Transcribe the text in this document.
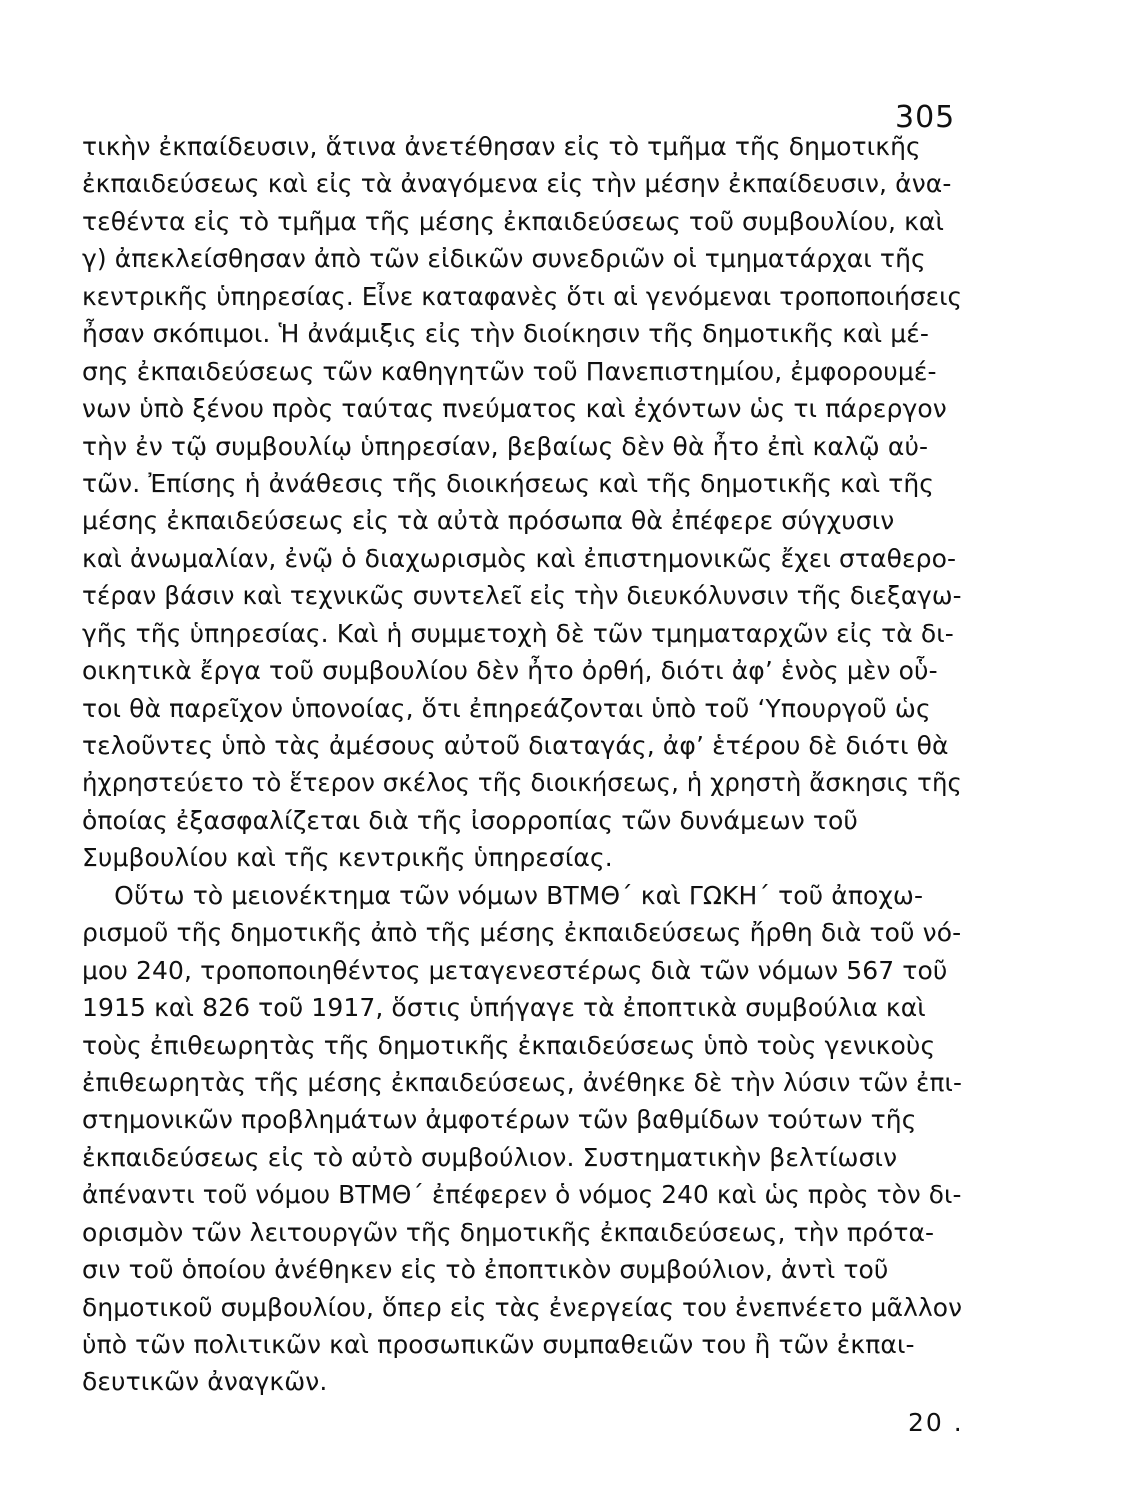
305
τικὴν ἐκπαίδευσιν, ἅτινα ἀνετέθησαν εἰς τὸ τμῆμα τῆς δημοτικῆς
ἐκπαιδεύσεως καὶ εἰς τὰ ἀναγόμενα εἰς τὴν μέσην ἐκπαίδευσιν, ἀνα-
τεθέντα εἰς τὸ τμῆμα τῆς μέσης ἐκπαιδεύσεως τοῦ συμβουλίου, καὶ
γ) ἀπεκλείσθησαν ἀπὸ τῶν εἰδικῶν συνεδριῶν οἱ τμηματάρχαι τῆς
κεντρικῆς ὑπηρεσίας. Εἶνε καταφανὲς ὅτι αἱ γενόμεναι τροποποιήσεις
ἦσαν σκόπιμοι. Ἡ ἀνάμιξις εἰς τὴν διοίκησιν τῆς δημοτικῆς καὶ μέ-
σης ἐκπαιδεύσεως τῶν καθηγητῶν τοῦ Πανεπιστημίου, ἐμφορουμέ-
νων ὑπὸ ξένου πρὸς ταύτας πνεύματος καὶ ἐχόντων ὡς τι πάρεργον
τὴν ἐν τῷ συμβουλίῳ ὑπηρεσίαν, βεβαίως δὲν θὰ ἦτο ἐπὶ καλῷ αὐ-
τῶν. Ἐπίσης ἡ ἀνάθεσις τῆς διοικήσεως καὶ τῆς δημοτικῆς καὶ τῆς
μέσης ἐκπαιδεύσεως εἰς τὰ αὐτὰ πρόσωπα θὰ ἐπέφερε σύγχυσιν
καὶ ἀνωμαλίαν, ἐνῷ ὁ διαχωρισμὸς καὶ ἐπιστημονικῶς ἔχει σταθερο-
τέραν βάσιν καὶ τεχνικῶς συντελεῖ εἰς τὴν διευκόλυνσιν τῆς διεξαγω-
γῆς τῆς ὑπηρεσίας. Καὶ ἡ συμμετοχὴ δὲ τῶν τμηματαρχῶν εἰς τὰ δι-
οικητικὰ ἔργα τοῦ συμβουλίου δὲν ἦτο ὀρθή, διότι ἀφ’ ἑνὸς μὲν οὗ-
τοι θὰ παρεῖχον ὑπονοίας, ὅτι ἐπηρεάζονται ὑπὸ τοῦ ‘Υπουργοῦ ὡς
τελοῦντες ὑπὸ τὰς ἀμέσους αὐτοῦ διαταγάς, ἀφ’ ἑτέρου δὲ διότι θὰ
ἠχρηστεύετο τὸ ἕτερον σκέλος τῆς διοικήσεως, ἡ χρηστὴ ἄσκησις τῆς
ὁποίας ἐξασφαλίζεται διὰ τῆς ἰσορροπίας τῶν δυνάμεων τοῦ
Συμβουλίου καὶ τῆς κεντρικῆς ὑπηρεσίας.
Οὕτω τὸ μειονέκτημα τῶν νόμων ΒΤΜΘ΄ καὶ ΓΩΚΗ΄ τοῦ ἀποχω-
ρισμοῦ τῆς δημοτικῆς ἀπὸ τῆς μέσης ἐκπαιδεύσεως ἤρθη διὰ τοῦ νό-
μου 240, τροποποιηθέντος μεταγενεστέρως διὰ τῶν νόμων 567 τοῦ
1915 καὶ 826 τοῦ 1917, ὅστις ὑπήγαγε τὰ ἐποπτικὰ συμβούλια καὶ
τοὺς ἐπιθεωρητὰς τῆς δημοτικῆς ἐκπαιδεύσεως ὑπὸ τοὺς γενικοὺς
ἐπιθεωρητὰς τῆς μέσης ἐκπαιδεύσεως, ἀνέθηκε δὲ τὴν λύσιν τῶν ἐπι-
στημονικῶν προβλημάτων ἀμφοτέρων τῶν βαθμίδων τούτων τῆς
ἐκπαιδεύσεως εἰς τὸ αὐτὸ συμβούλιον. Συστηματικὴν βελτίωσιν
ἀπέναντι τοῦ νόμου ΒΤΜΘ΄ ἐπέφερεν ὁ νόμος 240 καὶ ὡς πρὸς τὸν δι-
ορισμὸν τῶν λειτουργῶν τῆς δημοτικῆς ἐκπαιδεύσεως, τὴν πρότα-
σιν τοῦ ὁποίου ἀνέθηκεν εἰς τὸ ἐποπτικὸν συμβούλιον, ἀντὶ τοῦ
δημοτικοῦ συμβουλίου, ὅπερ εἰς τὰς ἐνεργείας του ἐνεπνέετο μᾶλλον
ὑπὸ τῶν πολιτικῶν καὶ προσωπικῶν συμπαθειῶν του ἢ τῶν ἐκπαι-
δευτικῶν ἀναγκῶν.
20 .
